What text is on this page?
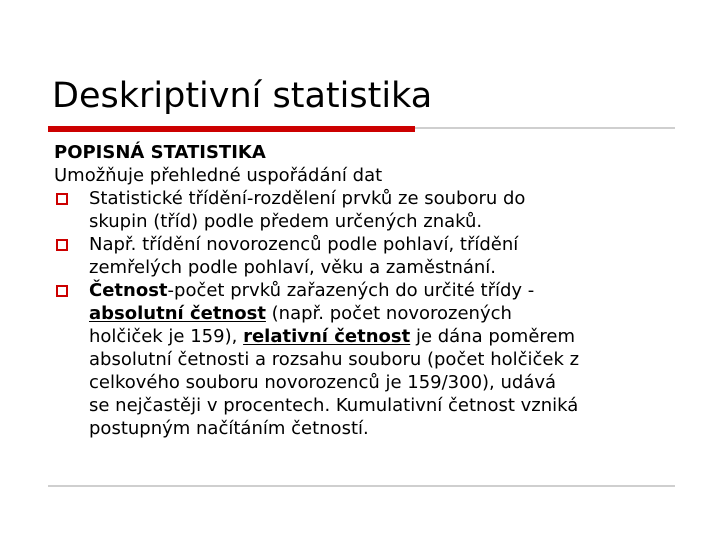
Deskriptivní statistika
POPISNÁ STATISTIKA
Umožňuje přehledné uspořádání dat
Statistické třídění-rozdělení prvků ze souboru do
skupin (tříd) podle předem určených znaků.
Např. třídění novorozenců podle pohlaví, třídění
zemřelých podle pohlaví, věku a zaměstnání.
Četnost-počet prvků zařazených do určité třídy -
absolutní četnost (např. počet novorozených
holčiček je 159), relativní četnost je dána poměrem
absolutní četnosti a rozsahu souboru (počet holčiček z
celkového souboru novorozenců je 159/300), udává
se nejčastěji v procentech. Kumulativní četnost vzniká
postupným načítáním četností.
